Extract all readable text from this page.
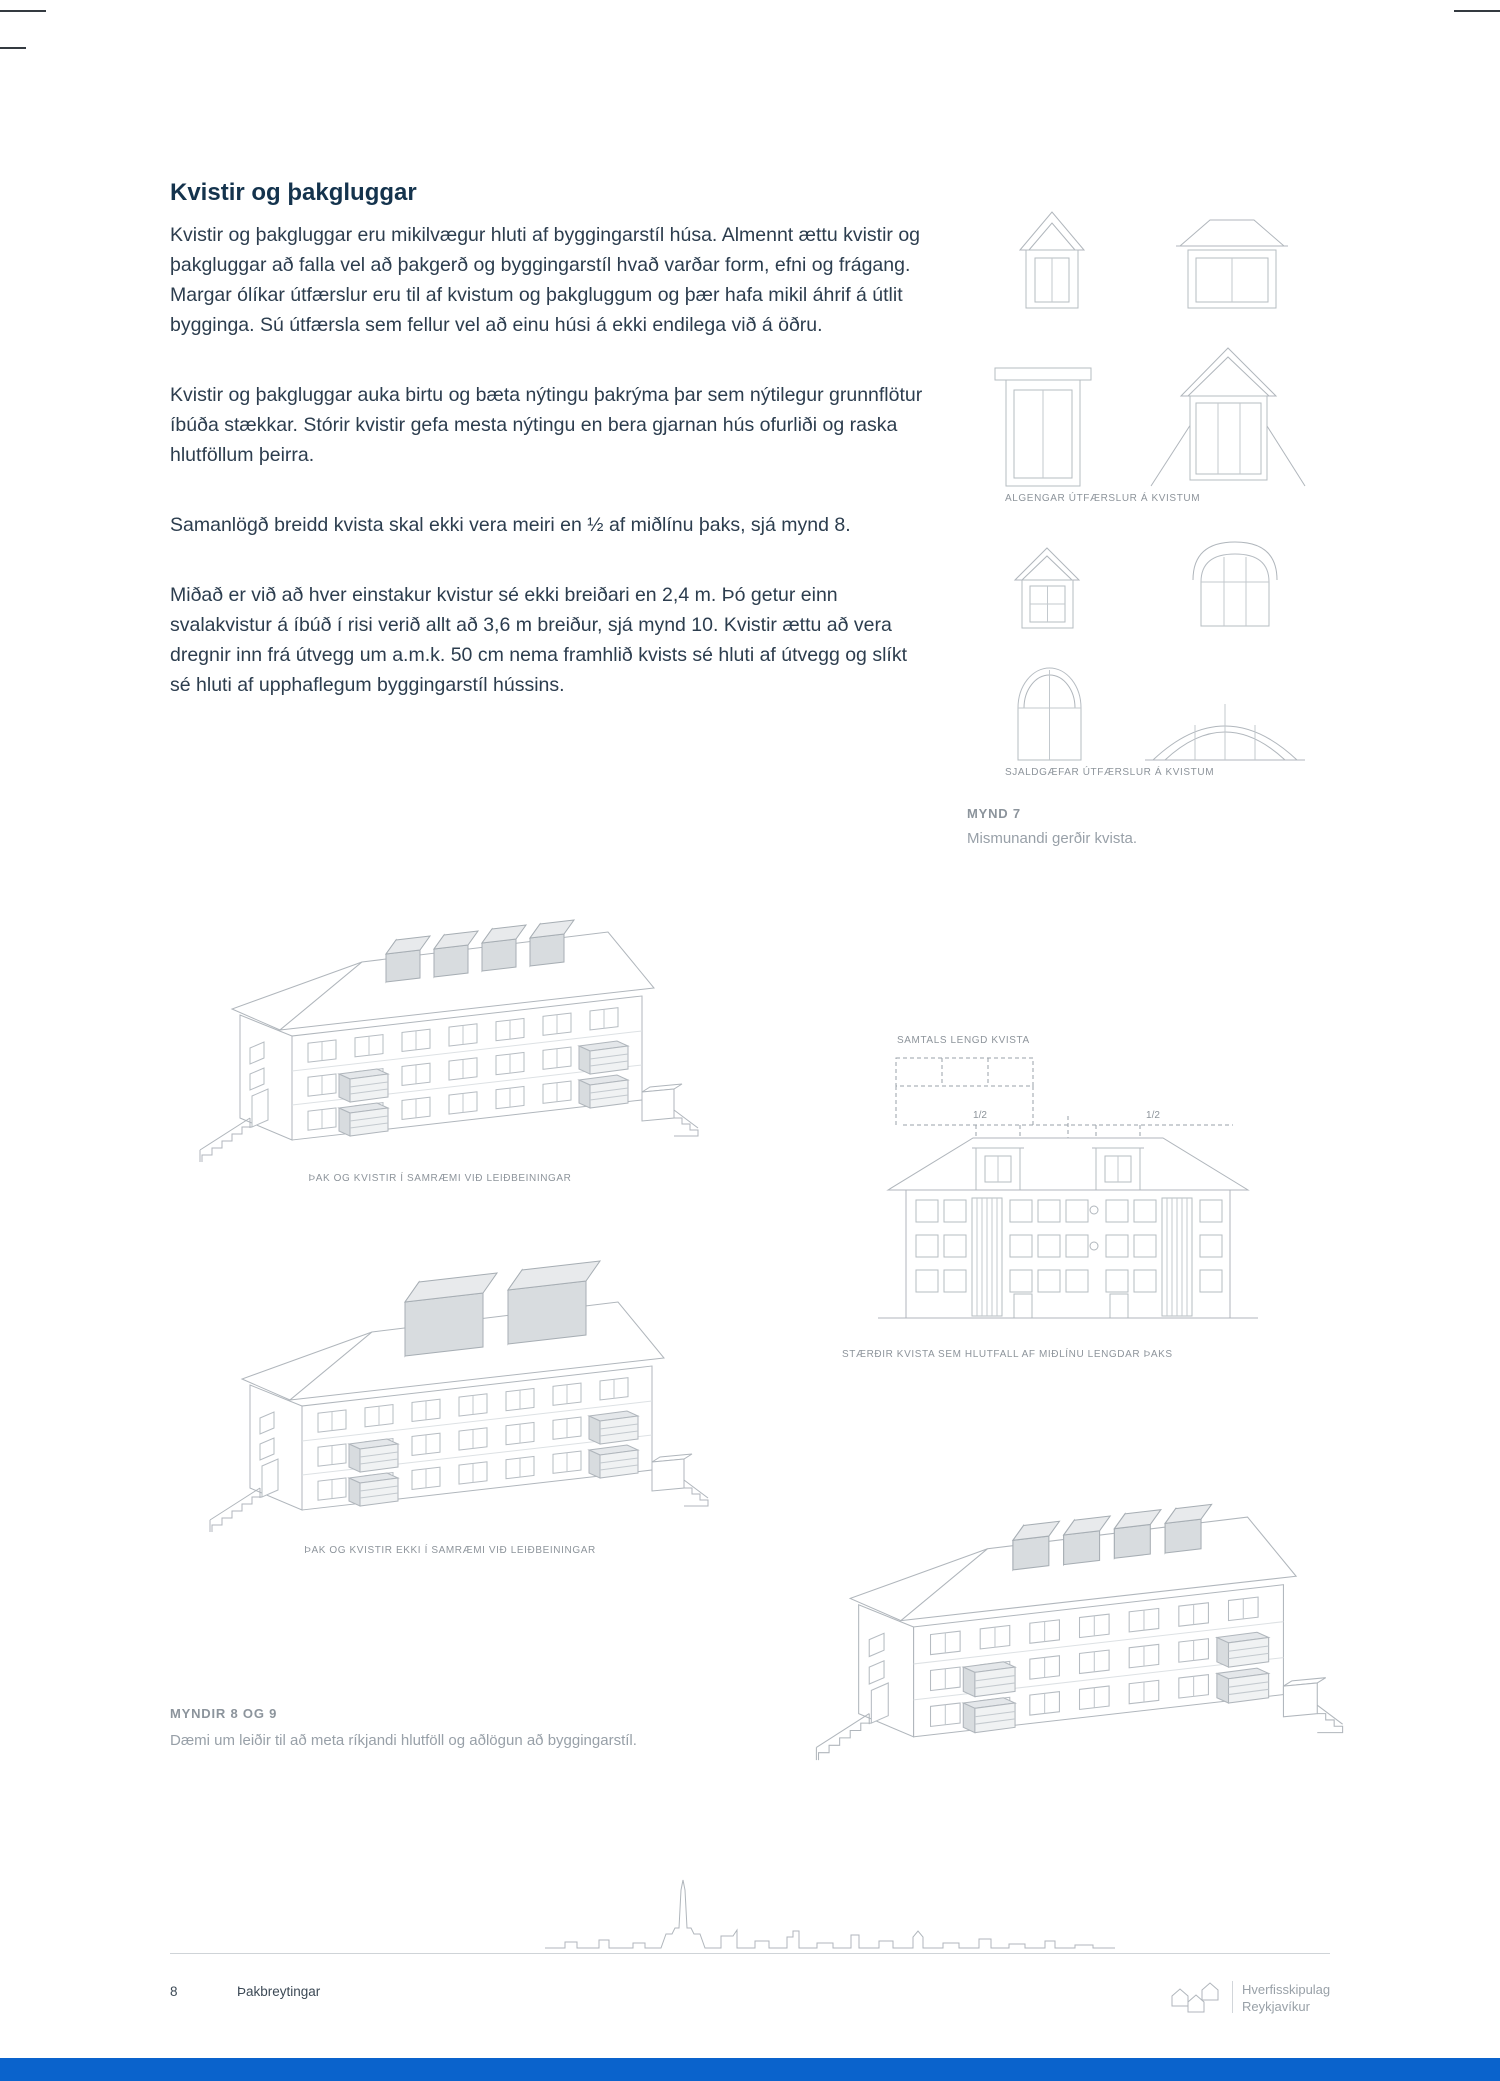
Kvistir og þakgluggar

Kvistir og þakgluggar eru mikilvægur hluti af byggingarstíl húsa. Almennt ættu kvistir og þakgluggar að falla vel að þakgerð og byggingarstíl hvað varðar form, efni og frágang. Margar ólíkar útfærslur eru til af kvistum og þakgluggum og þær hafa mikil áhrif á útlit bygginga. Sú útfærsla sem fellur vel að einu húsi á ekki endilega við á öðru.

Kvistir og þakgluggar auka birtu og bæta nýtingu þakrýma þar sem nýtilegur grunnflötur íbúða stækkar. Stórir kvistir gefa mesta nýtingu en bera gjarnan hús ofurliði og raska hlutföllum þeirra.

Samanlögð breidd kvista skal ekki vera meiri en ½ af miðlínu þaks, sjá mynd 8.

Miðað er við að hver einstakur kvistur sé ekki breiðari en 2,4 m. Þó getur einn svalakvistur á íbúð í risi verið allt að 3,6 m breiður, sjá mynd 10. Kvistir ættu að vera dregnir inn frá útvegg um a.m.k. 50 cm nema framhlið kvists sé hluti af útvegg og slíkt sé hluti af upphaflegum byggingarstíl hússins.

ALGENGAR ÚTFÆRSLUR Á KVISTUM
SJALDGÆFAR ÚTFÆRSLUR Á KVISTUM
MYND 7
Mismunandi gerðir kvista.
ÞAK OG KVISTIR Í SAMRÆMI VIÐ LEIÐBEININGAR
ÞAK OG KVISTIR EKKI Í SAMRÆMI VIÐ LEIÐBEININGAR
SAMTALS LENGD KVISTA
1/2	1/2
STÆRÐIR KVISTA SEM HLUTFALL AF MIÐLÍNU LENGDAR ÞAKS
MYNDIR 8 OG 9
Dæmi um leiðir til að meta ríkjandi hlutföll og aðlögun að byggingarstíl.
8	Þakbreytingar	Hverfisskipulag
Reykjavíkur
